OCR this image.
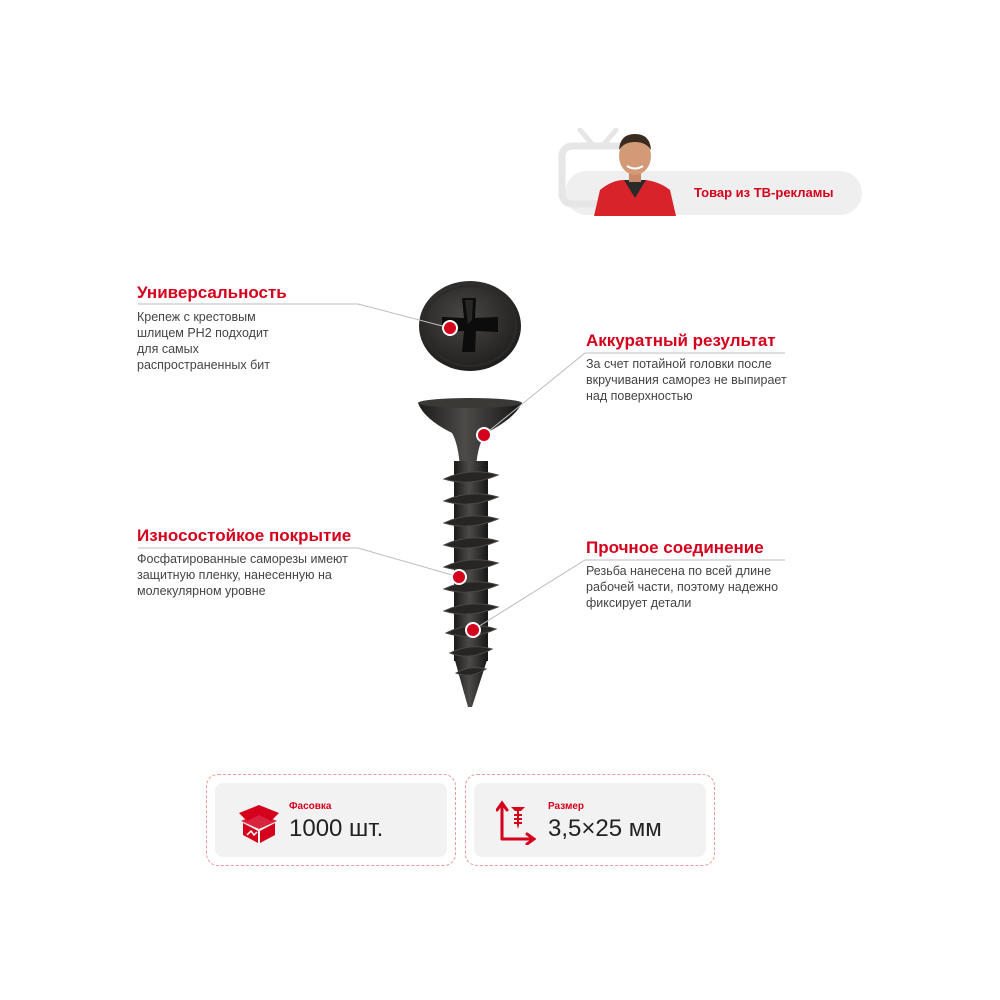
Товар из ТВ-рекламы
Универсальность
Крепеж с крестовым шлицем PH2 подходит для самых распространенных бит
Аккуратный результат
За счет потайной головки после вкручивания саморез не выпирает над поверхностью
Износостойкое покрытие
Фосфатированные саморезы имеют защитную пленку, нанесенную на молекулярном уровне
Прочное соединение
Резьба нанесена по всей длине рабочей части, поэтому надежно фиксирует детали
Фасовка
1000 шт.
Размер
3,5×25 мм
